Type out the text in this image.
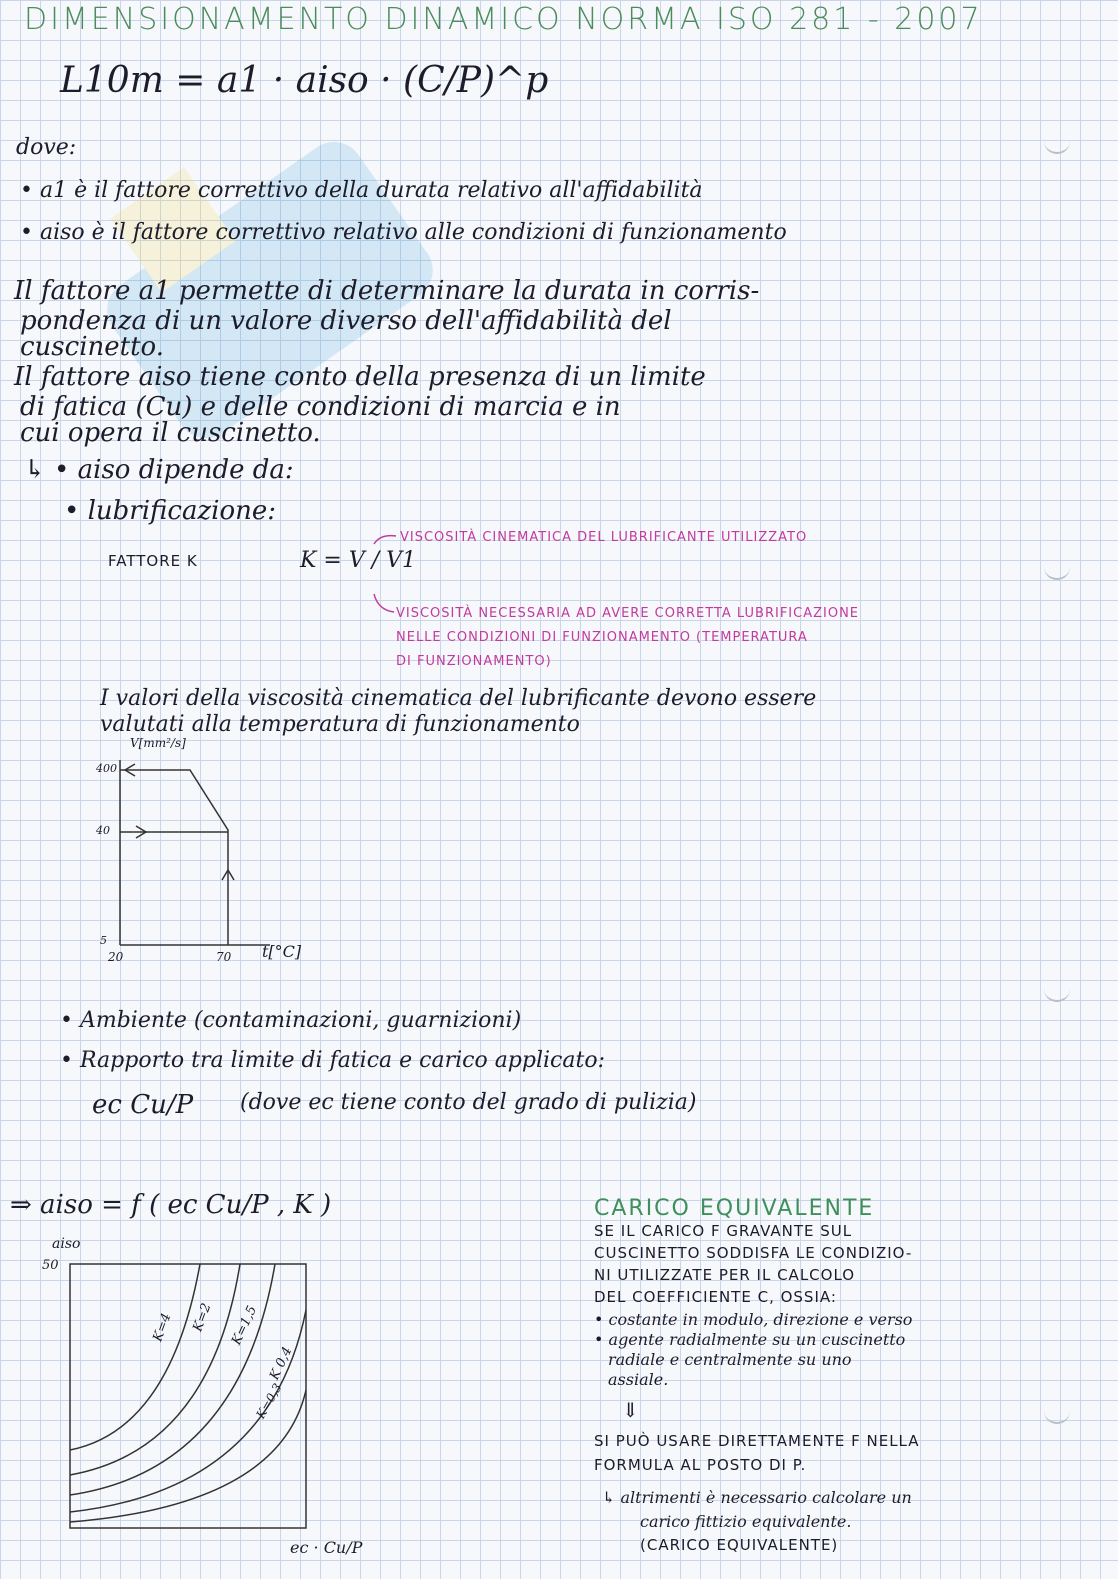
DIMENSIONAMENTO DINAMICO NORMA ISO 281 - 2007
L10m = a1 · aiso · (C/P)^p
dove:
• a1 è il fattore correttivo della durata relativo all'affidabilità
• aiso è il fattore correttivo relativo alle condizioni di funzionamento
Il fattore a1 permette di determinare la durata in corris-
pondenza di un valore diverso dell'affidabilità del
cuscinetto.
Il fattore aiso tiene conto della presenza di un limite
di fatica (Cu) e delle condizioni di marcia e in
cui opera il cuscinetto.
↳ • aiso dipende da:
• lubrificazione:
FATTORE K	K = V / V1
VISCOSITÀ CINEMATICA DEL LUBRIFICANTE UTILIZZATO
VISCOSITÀ NECESSARIA AD AVERE CORRETTA LUBRIFICAZIONE
NELLE CONDIZIONI DI FUNZIONAMENTO (TEMPERATURA
DI FUNZIONAMENTO)
I valori della viscosità cinematica del lubrificante devono essere
valutati alla temperatura di funzionamento
V[mm²/s]
400
40
5
20	70 t[°C]
• Ambiente (contaminazioni, guarnizioni)
• Rapporto tra limite di fatica e carico applicato:
ec Cu/P (dove ec tiene conto del grado di pulizia)
⇒ aiso = f ( ec Cu/P , K )
aiso
50
K=4 K=2 K=1,5
K 0,4
K=0,3
ec · Cu/P
CARICO EQUIVALENTE
SE IL CARICO F GRAVANTE SUL
CUSCINETTO SODDISFA LE CONDIZIO-
NI UTILIZZATE PER IL CALCOLO
DEL COEFFICIENTE C, OSSIA:
• costante in modulo, direzione e verso
• agente radialmente su un cuscinetto
radiale e centralmente su uno
assiale.
⇓
SI PUÒ USARE DIRETTAMENTE F NELLA
FORMULA AL POSTO DI P.
↳ altrimenti è necessario calcolare un
carico fittizio equivalente.
(CARICO EQUIVALENTE)
